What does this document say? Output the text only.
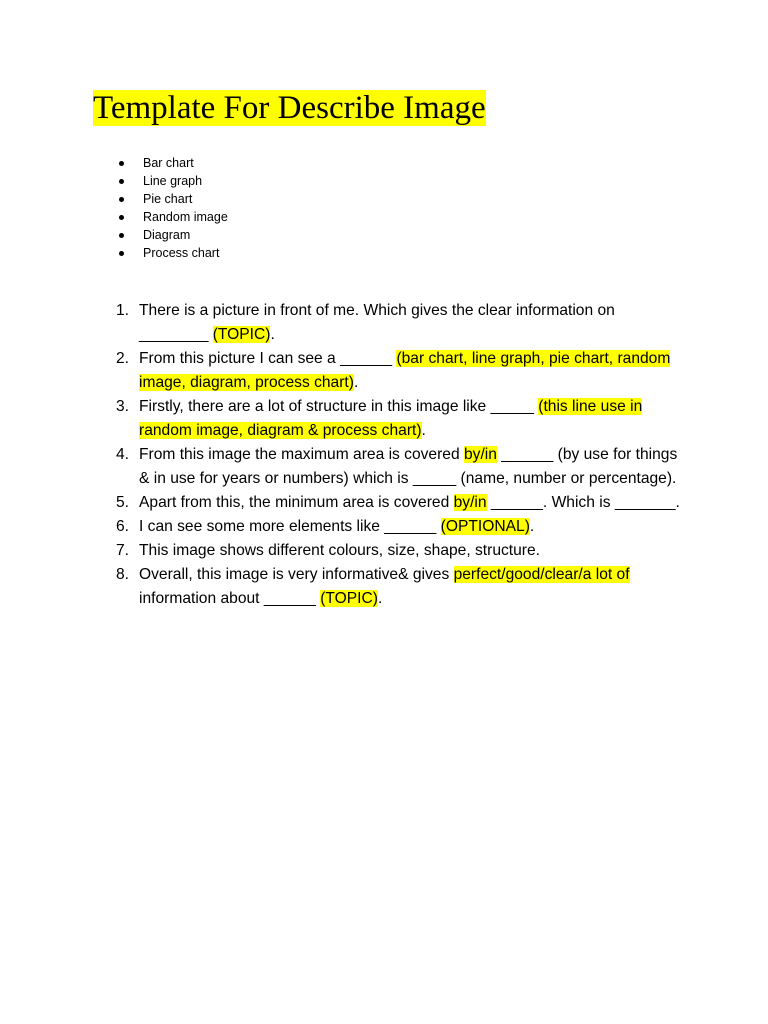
Template For Describe Image
Bar chart
Line graph
Pie chart
Random image
Diagram
Process chart
1. There is a picture in front of me. Which gives the clear information on ________ (TOPIC).
2. From this picture I can see a ______ (bar chart, line graph, pie chart, random image, diagram, process chart).
3. Firstly, there are a lot of structure in this image like _____ (this line use in random image, diagram & process chart).
4. From this image the maximum area is covered by/in ______ (by use for things & in use for years or numbers) which is _____ (name, number or percentage).
5. Apart from this, the minimum area is covered by/in ______. Which is _______.
6. I can see some more elements like ______ (OPTIONAL).
7. This image shows different colours, size, shape, structure.
8. Overall, this image is very informative& gives perfect/good/clear/a lot of information about ______ (TOPIC).
